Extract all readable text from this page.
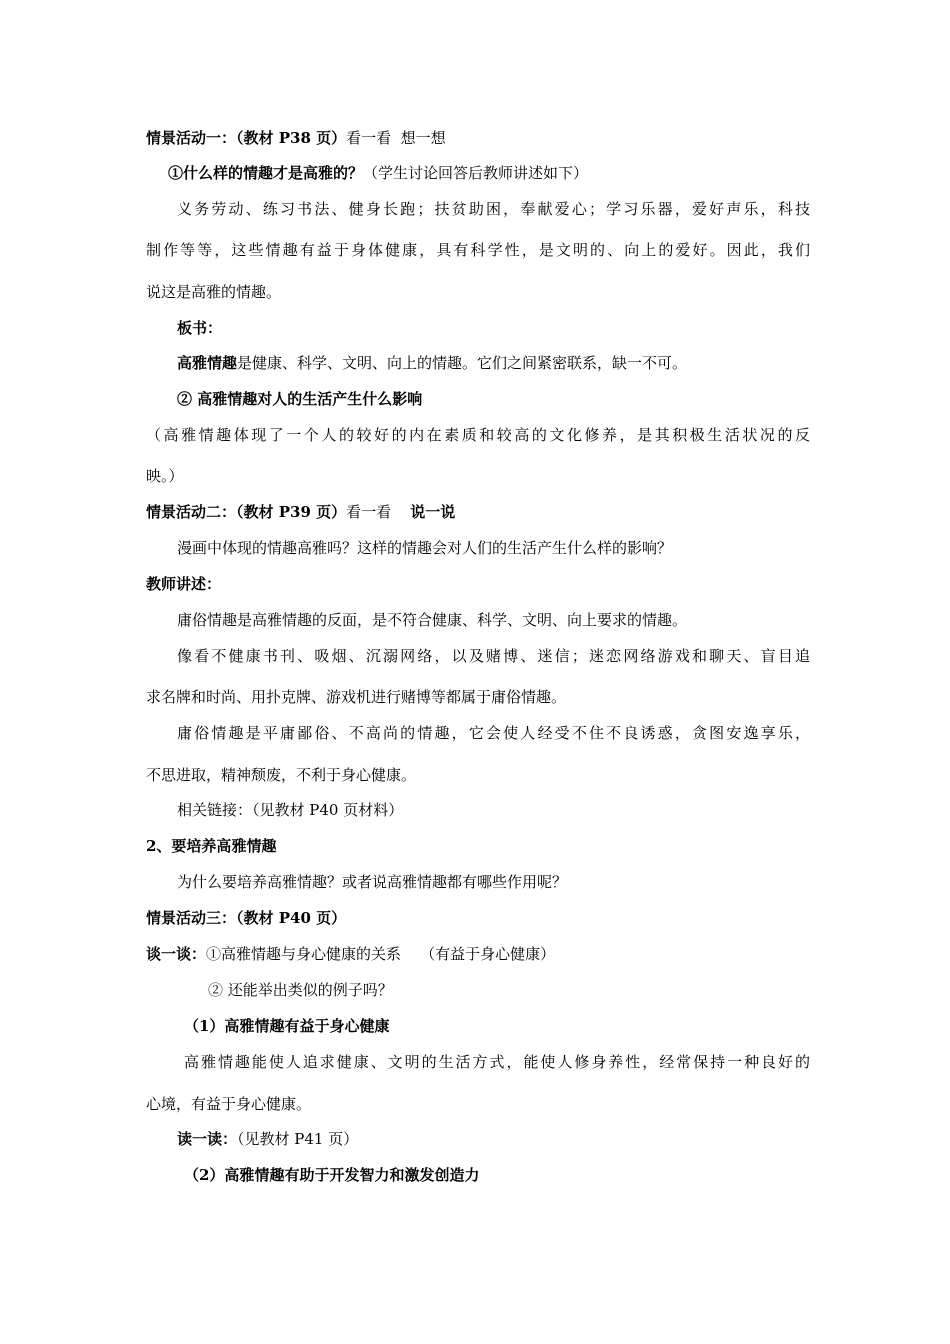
情景活动一：（教材 P38 页）看一看  想一想
①什么样的情趣才是高雅的？（学生讨论回答后教师讲述如下）
义务劳动、练习书法、健身长跑；扶贫助困，奉献爱心；学习乐器，爱好声乐，科技
制作等等，这些情趣有益于身体健康，具有科学性，是文明的、向上的爱好。因此，我们
说这是高雅的情趣。
板书：
高雅情趣是健康、科学、文明、向上的情趣。它们之间紧密联系，缺一不可。
② 高雅情趣对人的生活产生什么影响
（高雅情趣体现了一个人的较好的内在素质和较高的文化修养，是其积极生活状况的反
映。）
情景活动二：（教材 P39 页）看一看    说一说
漫画中体现的情趣高雅吗？这样的情趣会对人们的生活产生什么样的影响？
教师讲述：
庸俗情趣是高雅情趣的反面，是不符合健康、科学、文明、向上要求的情趣。
像看不健康书刊、吸烟、沉溺网络，以及赌博、迷信；迷恋网络游戏和聊天、盲目追
求名牌和时尚、用扑克牌、游戏机进行赌博等都属于庸俗情趣。
庸俗情趣是平庸鄙俗、不高尚的情趣，它会使人经受不住不良诱惑，贪图安逸享乐，
不思进取，精神颓废，不利于身心健康。
相关链接：（见教材 P40 页材料）
2、要培养高雅情趣
为什么要培养高雅情趣？或者说高雅情趣都有哪些作用呢？
情景活动三：（教材 P40 页）
谈一谈：①高雅情趣与身心健康的关系    （有益于身心健康）
② 还能举出类似的例子吗？
（1）高雅情趣有益于身心健康
高雅情趣能使人追求健康、文明的生活方式，能使人修身养性，经常保持一种良好的
心境，有益于身心健康。
读一读：（见教材 P41 页）
（2）高雅情趣有助于开发智力和激发创造力
